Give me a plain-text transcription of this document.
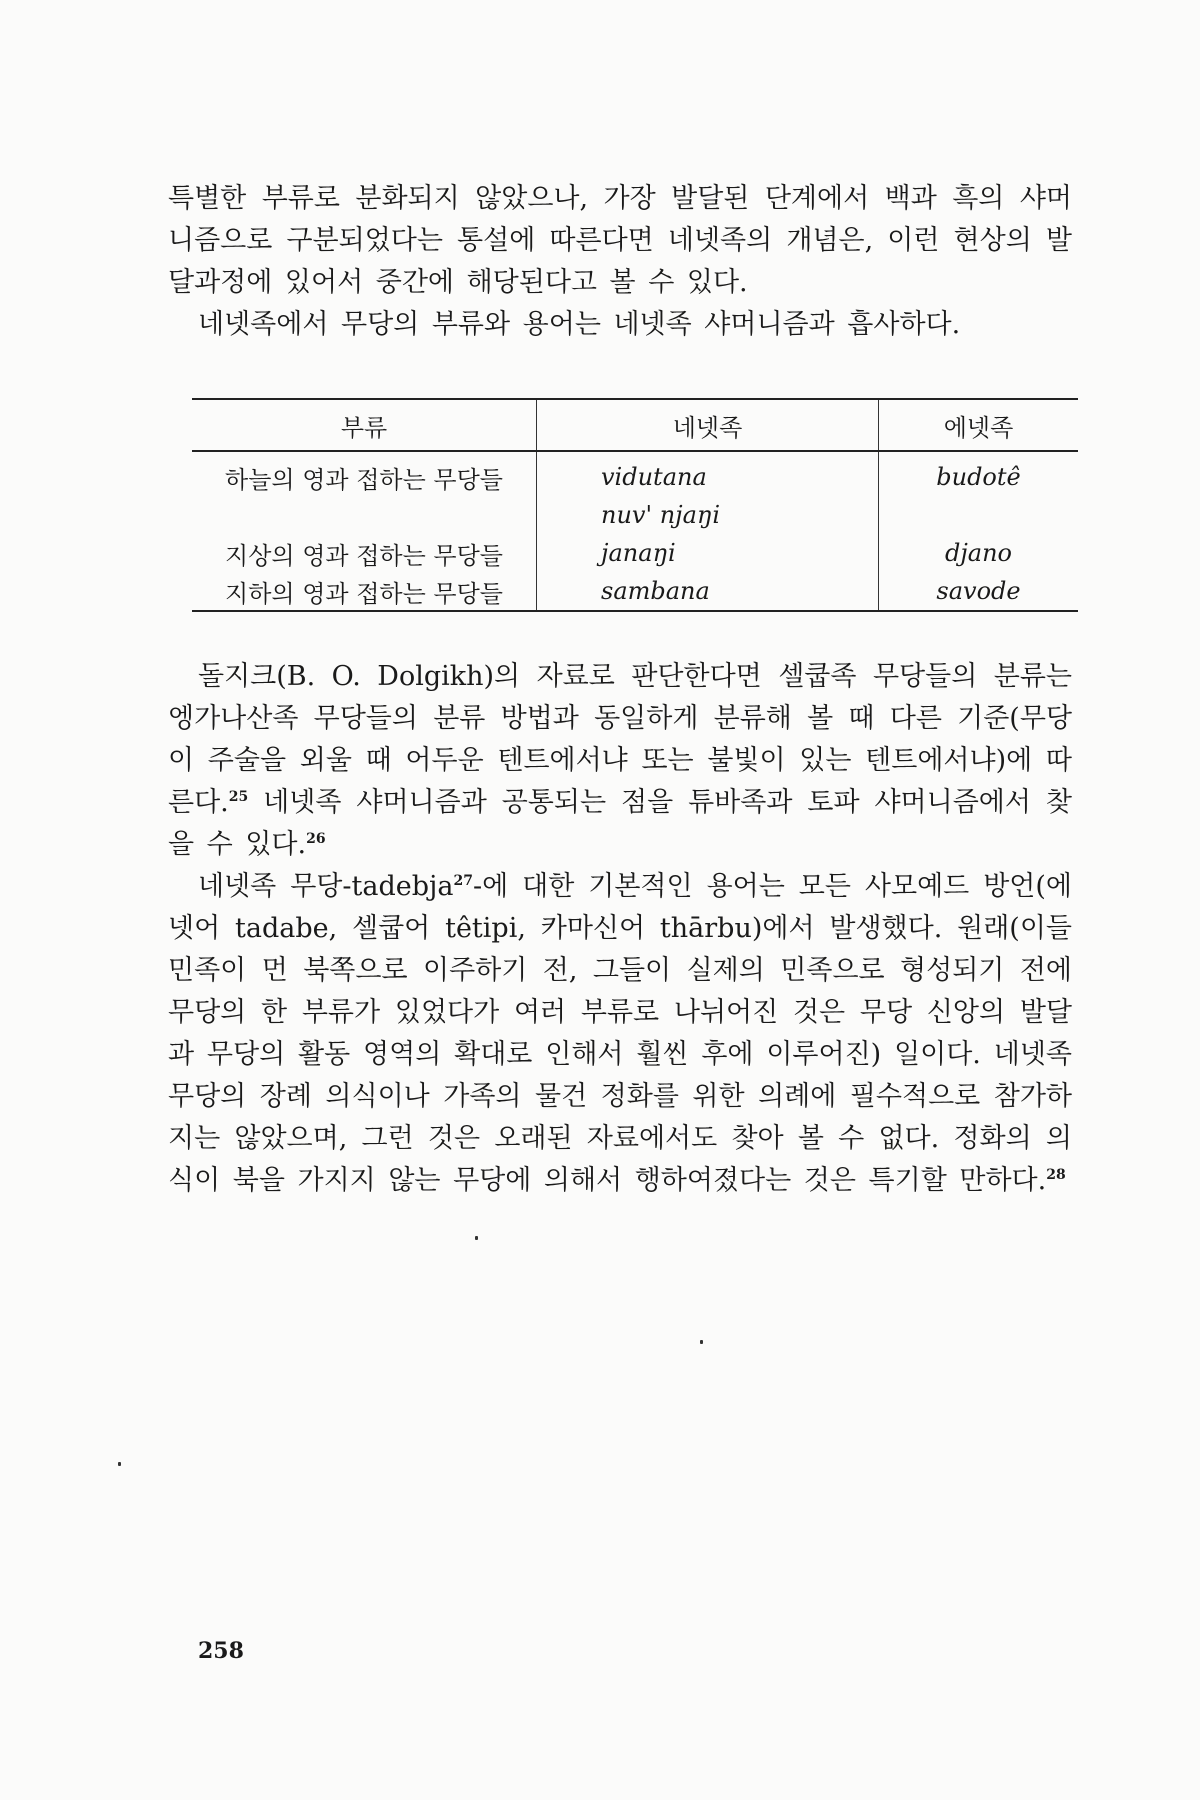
특별한 부류로 분화되지 않았으나, 가장 발달된 단계에서 백과 흑의 샤머니즘으로 구분되었다는 통설에 따른다면 네넷족의 개념은, 이런 현상의 발달과정에 있어서 중간에 해당된다고 볼 수 있다.

네넷족에서 무당의 부류와 용어는 네넷족 샤머니즘과 흡사하다.

부류	네넷족	에넷족
하늘의 영과 접하는 무당들	vidutana	budotê
	nuv' njaŋi	
지상의 영과 접하는 무당들	janaŋi	djano
지하의 영과 접하는 무당들	sambana	savode

돌지크(B. O. Dolgikh)의 자료로 판단한다면 셀쿱족 무당들의 분류는 엥가나산족 무당들의 분류 방법과 동일하게 분류해 볼 때 다른 기준(무당이 주술을 외울 때 어두운 텐트에서냐 또는 불빛이 있는 텐트에서냐)에 따른다.$^{25}$ 네넷족 샤머니즘과 공통되는 점을 튜바족과 토파 샤머니즘에서 찾을 수 있다.$^{26}$

네넷족 무당-tadebja$^{27}$-에 대한 기본적인 용어는 모든 사모예드 방언(에넷어 tadabe, 셀쿱어 têtipi, 카마신어 thārbu)에서 발생했다. 원래(이들 민족이 먼 북쪽으로 이주하기 전, 그들이 실제의 민족으로 형성되기 전에 무당의 한 부류가 있었다가 여러 부류로 나뉘어진 것은 무당 신앙의 발달과 무당의 활동 영역의 확대로 인해서 훨씬 후에 이루어진) 일이다. 네넷족 무당의 장례 의식이나 가족의 물건 정화를 위한 의례에 필수적으로 참가하지는 않았으며, 그런 것은 오래된 자료에서도 찾아 볼 수 없다. 정화의 의식이 북을 가지지 않는 무당에 의해서 행하여졌다는 것은 특기할 만하다.$^{28}$

258
